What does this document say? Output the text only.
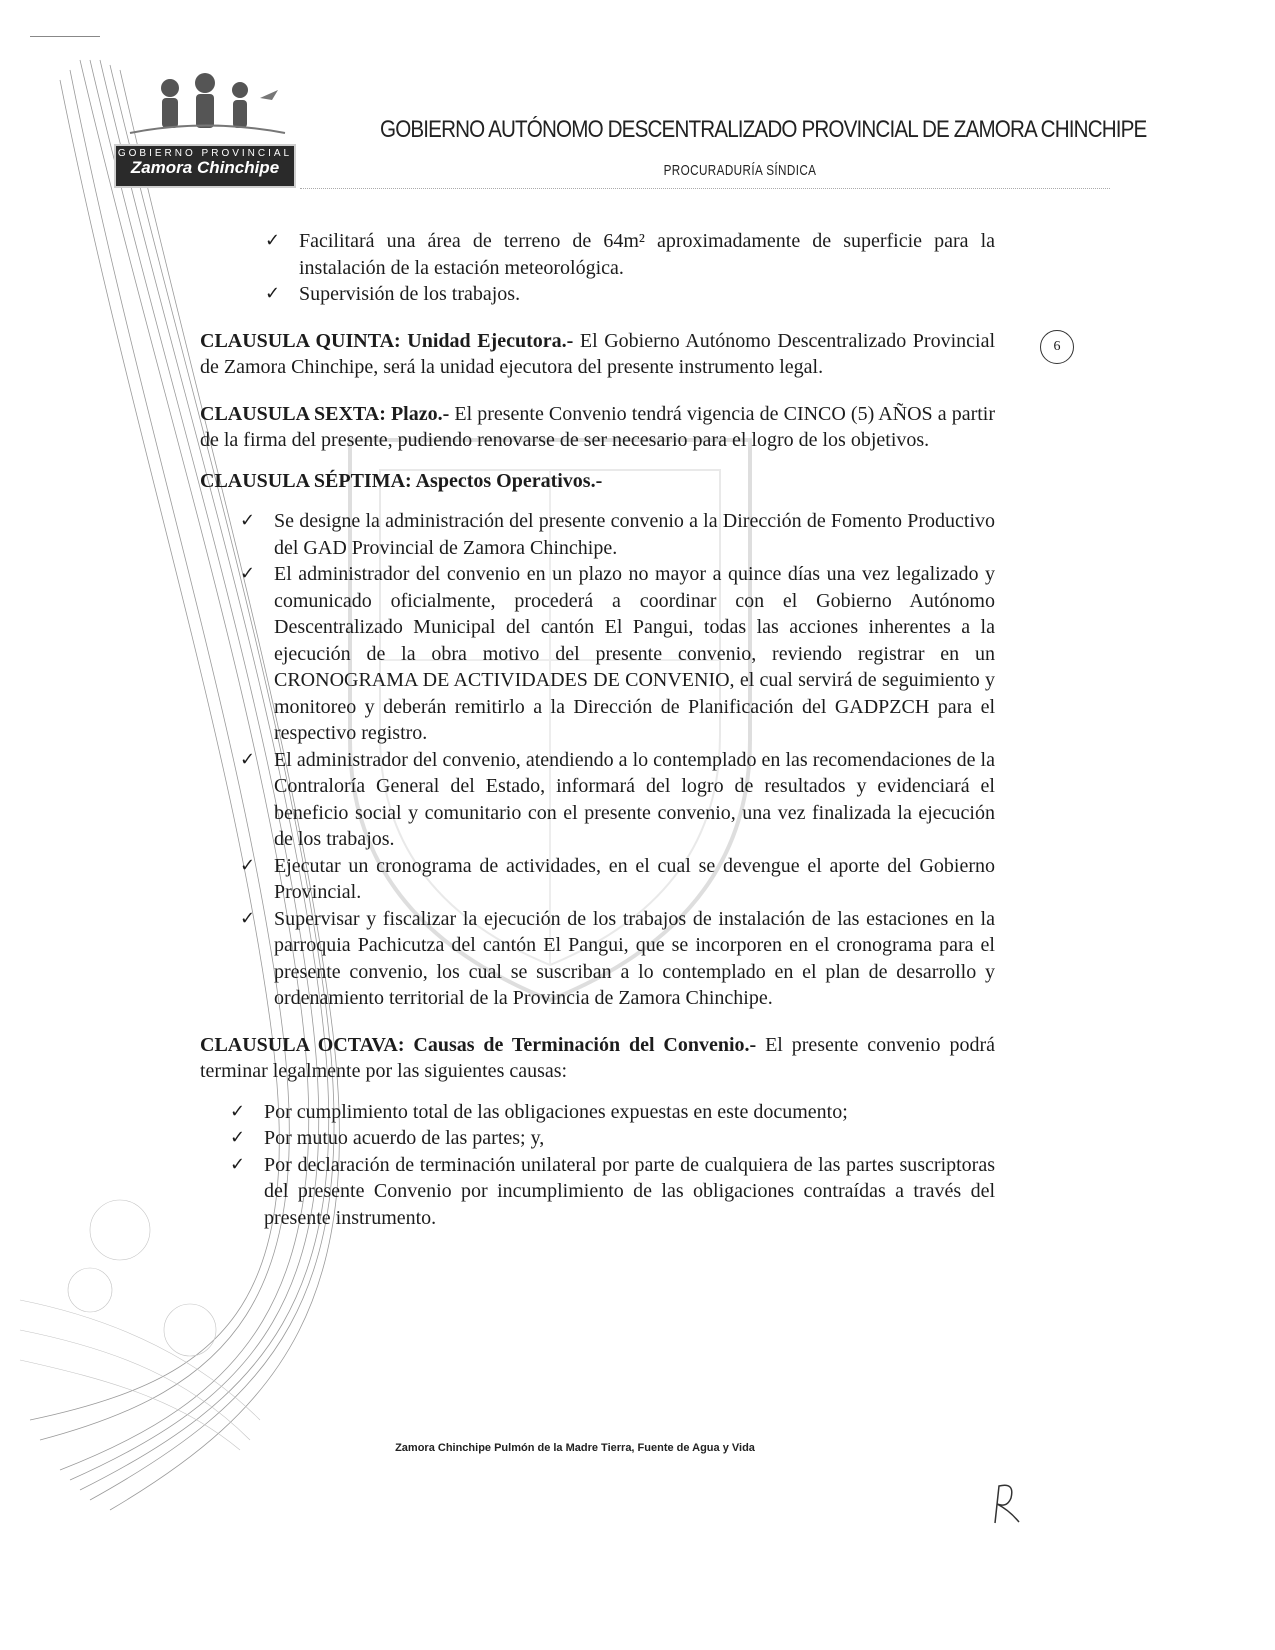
GOBIERNO PROVINCIAL
Zamora Chinchipe
GOBIERNO AUTÓNOMO DESCENTRALIZADO PROVINCIAL DE ZAMORA CHINCHIPE
PROCURADURÍA SÍNDICA
6
✓ Facilitará una área de terreno de 64m² aproximadamente de superficie para la instalación de la estación meteorológica.
✓ Supervisión de los trabajos.

CLAUSULA QUINTA: Unidad Ejecutora.- El Gobierno Autónomo Descentralizado Provincial de Zamora Chinchipe, será la unidad ejecutora del presente instrumento legal.

CLAUSULA SEXTA: Plazo.- El presente Convenio tendrá vigencia de CINCO (5) AÑOS a partir de la firma del presente, pudiendo renovarse de ser necesario para el logro de los objetivos.

CLAUSULA SÉPTIMA: Aspectos Operativos.-

✓ Se designe la administración del presente convenio a la Dirección de Fomento Productivo del GAD Provincial de Zamora Chinchipe.
✓ El administrador del convenio en un plazo no mayor a quince días una vez legalizado y comunicado oficialmente, procederá a coordinar con el Gobierno Autónomo Descentralizado Municipal del cantón El Pangui, todas las acciones inherentes a la ejecución de la obra motivo del presente convenio, reviendo registrar en un CRONOGRAMA DE ACTIVIDADES DE CONVENIO, el cual servirá de seguimiento y monitoreo y deberán remitirlo a la Dirección de Planificación del GADPZCH para el respectivo registro.
✓ El administrador del convenio, atendiendo a lo contemplado en las recomendaciones de la Contraloría General del Estado, informará del logro de resultados y evidenciará el beneficio social y comunitario con el presente convenio, una vez finalizada la ejecución de los trabajos.
✓ Ejecutar un cronograma de actividades, en el cual se devengue el aporte del Gobierno Provincial.
✓ Supervisar y fiscalizar la ejecución de los trabajos de instalación de las estaciones en la parroquia Pachicutza del cantón El Pangui, que se incorporen en el cronograma para el presente convenio, los cual se suscriban a lo contemplado en el plan de desarrollo y ordenamiento territorial de la Provincia de Zamora Chinchipe.

CLAUSULA OCTAVA: Causas de Terminación del Convenio.- El presente convenio podrá terminar legalmente por las siguientes causas:

✓ Por cumplimiento total de las obligaciones expuestas en este documento;
✓ Por mutuo acuerdo de las partes; y,
✓ Por declaración de terminación unilateral por parte de cualquiera de las partes suscriptoras del presente Convenio por incumplimiento de las obligaciones contraídas a través del presente instrumento.
Zamora Chinchipe Pulmón de la Madre Tierra, Fuente de Agua y Vida
